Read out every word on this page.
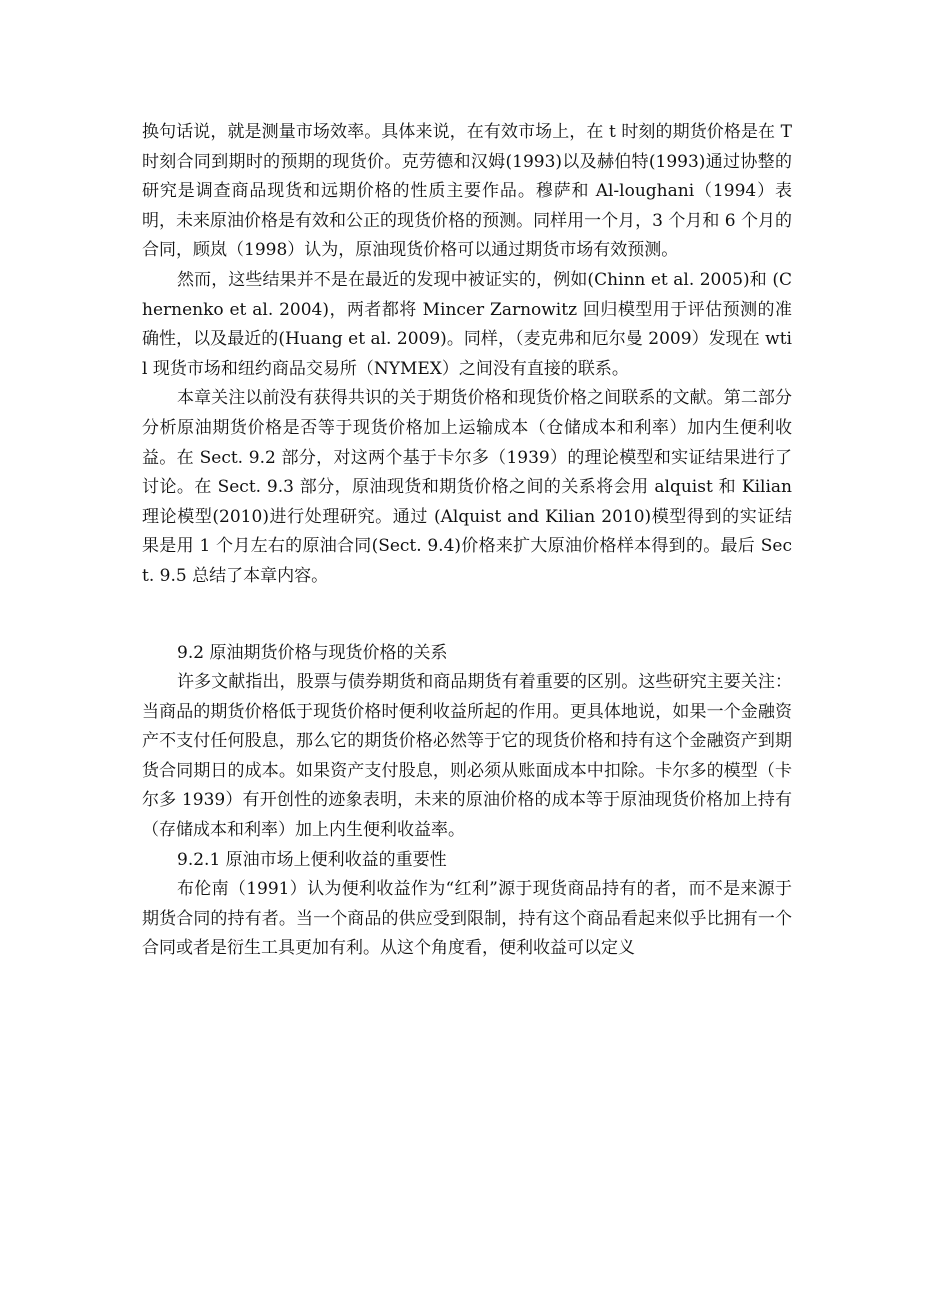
换句话说，就是测量市场效率。具体来说，在有效市场上，在 t 时刻的期货价格是在 T 时刻合同到期时的预期的现货价。克劳德和汉姆(1993)以及赫伯特(1993)通过协整的研究是调查商品现货和远期价格的性质主要作品。穆萨和 Al-loughani（1994）表明，未来原油价格是有效和公正的现货价格的预测。同样用一个月，3 个月和 6 个月的合同，顾岚（1998）认为，原油现货价格可以通过期货市场有效预测。

然而，这些结果并不是在最近的发现中被证实的，例如(Chinn et al. 2005)和 (Chernenko et al. 2004)，两者都将 Mincer Zarnowitz 回归模型用于评估预测的准确性，以及最近的(Huang et al. 2009)。同样，（麦克弗和厄尔曼 2009）发现在 wtil 现货市场和纽约商品交易所（NYMEX）之间没有直接的联系。

本章关注以前没有获得共识的关于期货价格和现货价格之间联系的文献。第二部分分析原油期货价格是否等于现货价格加上运输成本（仓储成本和利率）加内生便利收益。在 Sect. 9.2 部分，对这两个基于卡尔多（1939）的理论模型和实证结果进行了讨论。在 Sect. 9.3 部分，原油现货和期货价格之间的关系将会用 alquist 和 Kilian 理论模型(2010)进行处理研究。通过 (Alquist and Kilian 2010)模型得到的实证结果是用 1 个月左右的原油合同(Sect. 9.4)价格来扩大原油价格样本得到的。最后 Sect. 9.5 总结了本章内容。

9.2 原油期货价格与现货价格的关系

许多文献指出，股票与债券期货和商品期货有着重要的区别。这些研究主要关注：当商品的期货价格低于现货价格时便利收益所起的作用。更具体地说，如果一个金融资产不支付任何股息，那么它的期货价格必然等于它的现货价格和持有这个金融资产到期货合同期日的成本。如果资产支付股息，则必须从账面成本中扣除。卡尔多的模型（卡尔多 1939）有开创性的迹象表明，未来的原油价格的成本等于原油现货价格加上持有（存储成本和利率）加上内生便利收益率。

9.2.1 原油市场上便利收益的重要性

布伦南（1991）认为便利收益作为“红利”源于现货商品持有的者，而不是来源于期货合同的持有者。当一个商品的供应受到限制，持有这个商品看起来似乎比拥有一个合同或者是衍生工具更加有利。从这个角度看，便利收益可以定义
